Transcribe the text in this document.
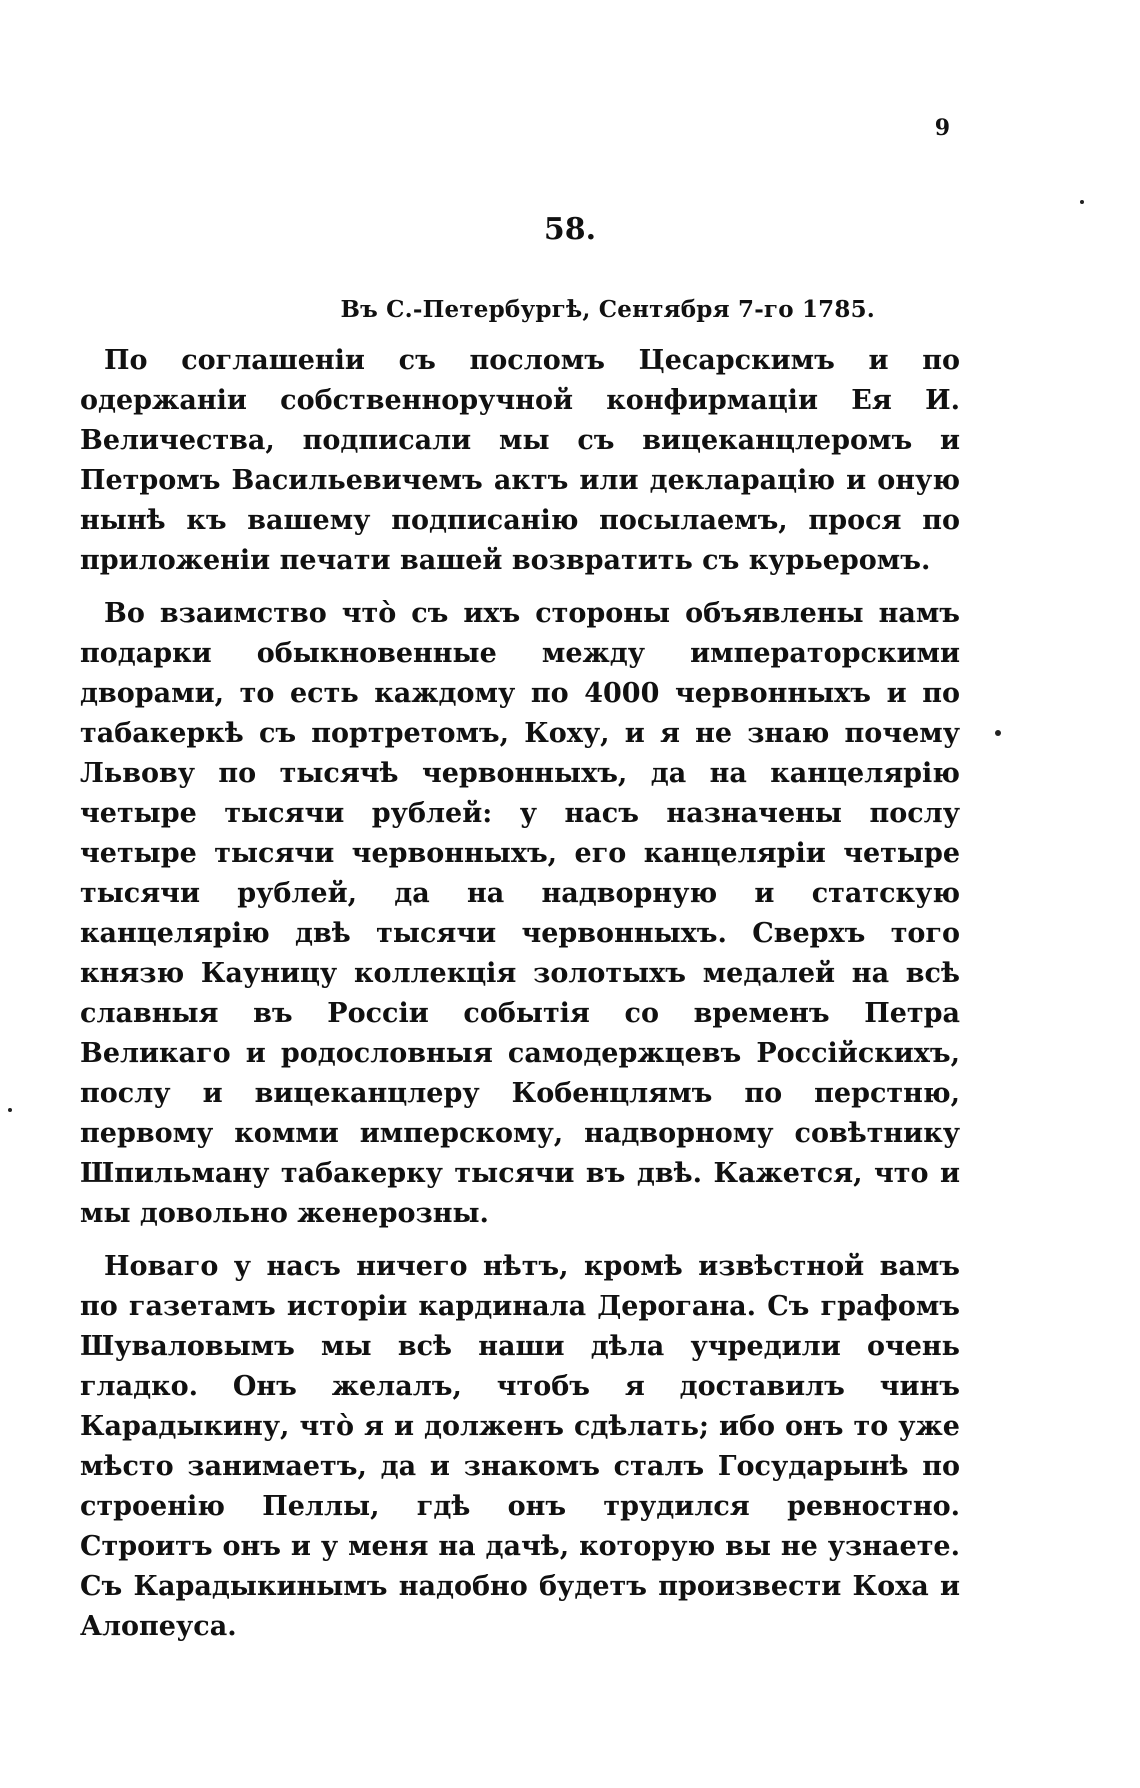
9
58.
Въ С.-Петербургѣ, Сентября 7-го 1785.

По соглашеніи съ посломъ Цесарскимъ и по одержаніи собственноручной конфирмаціи Ея И. Величества, подписали мы съ вицеканцлеромъ и Петромъ Васильевичемъ актъ или декларацію и оную нынѣ къ вашему подписанію посылаемъ, прося по приложеніи печати вашей возвратить съ курьеромъ.

Во взаимство что̀ съ ихъ стороны объявлены намъ подарки обыкновенные между императорскими дворами, то есть каждому по 4000 червонныхъ и по табакеркѣ съ портретомъ, Коху, и я не знаю почему Львову по тысячѣ червонныхъ, да на канцелярію четыре тысячи рублей: у насъ назначены послу четыре тысячи червонныхъ, его канцеляріи четыре тысячи рублей, да на надворную и статскую канцелярію двѣ тысячи червонныхъ. Сверхъ того князю Кауницу коллекція золотыхъ медалей на всѣ славныя въ Россіи событія со временъ Петра Великаго и родословныя самодержцевъ Россійскихъ, послу и вицеканцлеру Кобенцлямъ по перстню, первому комми имперскому, надворному совѣтнику Шпильману табакерку тысячи въ двѣ. Кажется, что и мы довольно женерозны.

Новаго у насъ ничего нѣтъ, кромѣ извѣстной вамъ по газетамъ исторіи кардинала Дерогана. Съ графомъ Шуваловымъ мы всѣ наши дѣла учредили очень гладко. Онъ желалъ, чтобъ я доставилъ чинъ Карадыкину, что̀ я и долженъ сдѣлать; ибо онъ то уже мѣсто занимаетъ, да и знакомъ сталъ Государынѣ по строенію Пеллы, гдѣ онъ трудился ревностно. Строитъ онъ и у меня на дачѣ, которую вы не узнаете. Съ Карадыкинымъ надобно будетъ произвести Коха и Алопеуса.
